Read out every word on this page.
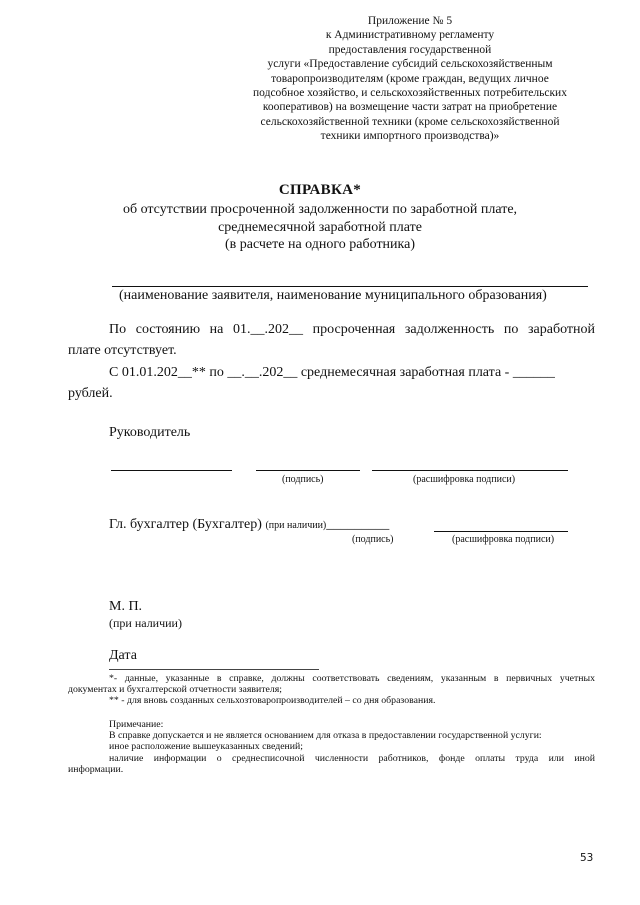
Приложение № 5
к Административному регламенту
предоставления государственной
услуги «Предоставление субсидий сельскохозяйственным
товаропроизводителям (кроме граждан, ведущих личное
подсобное хозяйство, и сельскохозяйственных потребительских
кооперативов) на возмещение части затрат на приобретение
сельскохозяйственной техники (кроме сельскохозяйственной
техники импортного производства)»
СПРАВКА*
об отсутствии просроченной задолженности по заработной плате,
среднемесячной заработной плате
(в расчете на одного работника)
(наименование заявителя, наименование муниципального образования)
По состоянию на 01.__.202__ просроченная задолженность по заработной
плате отсутствует.
С 01.01.202__** по __.__.202__ среднемесячная заработная плата - ______
рублей.
Руководитель
(подпись)	(расшифровка подписи)
Гл. бухгалтер (Бухгалтер) (при наличии)_________
(подпись)	(расшифровка подписи)
М. П.
(при наличии)
Дата
*- данные, указанные в справке, должны соответствовать сведениям, указанным в первичных учетных
документах и бухгалтерской отчетности заявителя;
** - для вновь созданных сельхозтоваропроизводителей – со дня образования.
Примечание:
В справке допускается и не является основанием для отказа в предоставлении государственной услуги:
иное расположение вышеуказанных сведений;
наличие информации о среднесписочной численности работников, фонде оплаты труда или иной
информации.
53
